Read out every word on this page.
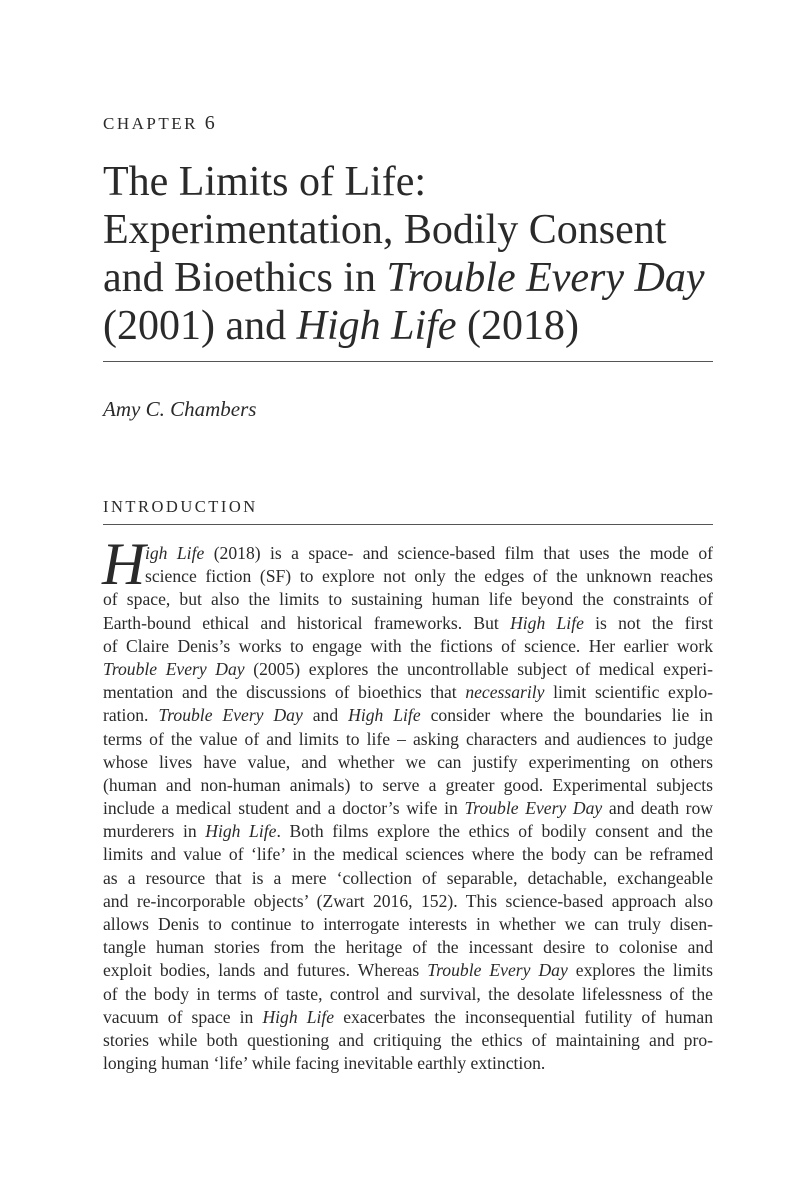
CHAPTER 6
The Limits of Life:
Experimentation, Bodily Consent
and Bioethics in Trouble Every Day
(2001) and High Life (2018)
Amy C. Chambers
INTRODUCTION
H igh Life (2018) is a space- and science-based film that uses the mode of
science fiction (SF) to explore not only the edges of the unknown reaches
of space, but also the limits to sustaining human life beyond the constraints of
Earth-bound ethical and historical frameworks. But High Life is not the first
of Claire Denis’s works to engage with the fictions of science. Her earlier work
Trouble Every Day (2005) explores the uncontrollable subject of medical experi-
mentation and the discussions of bioethics that necessarily limit scientific explo-
ration. Trouble Every Day and High Life consider where the boundaries lie in
terms of the value of and limits to life – asking characters and audiences to judge
whose lives have value, and whether we can justify experimenting on others
(human and non-human animals) to serve a greater good. Experimental subjects
include a medical student and a doctor’s wife in Trouble Every Day and death row
murderers in High Life. Both films explore the ethics of bodily consent and the
limits and value of ‘life’ in the medical sciences where the body can be reframed
as a resource that is a mere ‘collection of separable, detachable, exchangeable
and re-incorporable objects’ (Zwart 2016, 152). This science-based approach also
allows Denis to continue to interrogate interests in whether we can truly disen-
tangle human stories from the heritage of the incessant desire to colonise and
exploit bodies, lands and futures. Whereas Trouble Every Day explores the limits
of the body in terms of taste, control and survival, the desolate lifelessness of the
vacuum of space in High Life exacerbates the inconsequential futility of human
stories while both questioning and critiquing the ethics of maintaining and pro-
longing human ‘life’ while facing inevitable earthly extinction.
